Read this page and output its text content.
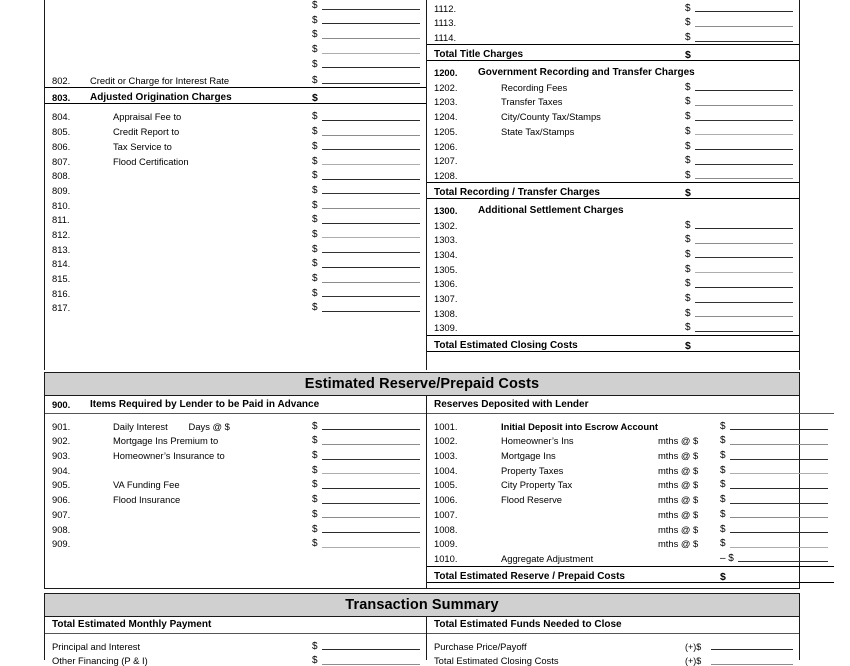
$
$
$
$
$
802.	Credit or Charge for Interest Rate	$
803.	Adjusted Origination Charges	$
804.	Appraisal Fee to	$
805.	Credit Report to	$
806.	Tax Service to	$
807.	Flood Certification	$
808.	$
809.	$
810.	$
811.	$
812.	$
813.	$
814.	$
815.	$
816.	$
817.	$
1112.	$
1113.	$
1114.	$
Total Title Charges	$
1200.	Government Recording and Transfer Charges
1202.	Recording Fees	$
1203.	Transfer Taxes	$
1204.	City/County Tax/Stamps	$
1205.	State Tax/Stamps	$
1206.	$
1207.	$
1208.	$
Total Recording / Transfer Charges	$
1300.	Additional Settlement Charges
1302.	$
1303.	$
1304.	$
1305.	$
1306.	$
1307.	$
1308.	$
1309.	$
Total Estimated Closing Costs	$
Estimated Reserve/Prepaid Costs
900.	Items Required by Lender to be Paid in Advance
901.	Daily Interest        Days @ $	$
902.	Mortgage Ins Premium to	$
903.	Homeowner’s Insurance to	$
904.	$
905.	VA Funding Fee	$
906.	Flood Insurance	$
907.	$
908.	$
909.	$
Reserves Deposited with Lender
1001.	Initial Deposit into Escrow Account	$
1002.	Homeowner’s Ins	mths @ $	$
1003.	Mortgage Ins	mths @ $	$
1004.	Property Taxes	mths @ $	$
1005.	City Property Tax	mths @ $	$
1006.	Flood Reserve	mths @ $	$
1007.	mths @ $	$
1008.	mths @ $	$
1009.	mths @ $	$
1010.	Aggregate Adjustment	– $
Total Estimated Reserve / Prepaid Costs	$
Transaction Summary
Total Estimated Monthly Payment
Principal and Interest	$
Other Financing (P & I)	$
Total Estimated Funds Needed to Close
Purchase Price/Payoff	(+)$
Total Estimated Closing Costs	(+)$
